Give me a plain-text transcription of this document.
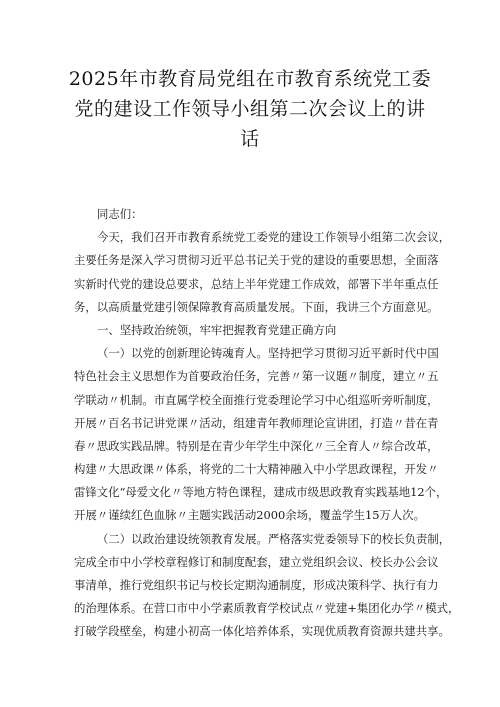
2025年市教育局党组在市教育系统党工委
党的建设工作领导小组第二次会议上的讲
话
同志们：
今天，我们召开市教育系统党工委党的建设工作领导小组第二次会议，
主要任务是深入学习贯彻习近平总书记关于党的建设的重要思想，全面落
实新时代党的建设总要求，总结上半年党建工作成效，部署下半年重点任
务，以高质量党建引领保障教育高质量发展。下面，我讲三个方面意见。
一、坚持政治统领，牢牢把握教育党建正确方向
（一）以党的创新理论铸魂育人。坚持把学习贯彻习近平新时代中国
特色社会主义思想作为首要政治任务，完善〃第一议题〃制度，建立〃五
学联动〃机制。市直属学校全面推行党委理论学习中心组巡听旁听制度，
开展〃百名书记讲党课〃活动，组建青年教师理论宣讲团，打造〃昔在青
春〃思政实践品牌。特别是在青少年学生中深化〃三全育人〃综合改革，
构建〃大思政课〃体系，将党的二十大精神融入中小学思政课程，开发〃
雷锋文化“母爱文化〃等地方特色课程，建成市级思政教育实践基地12个，
开展〃谨续红色血脉〃主题实践活动2000余场，覆盖学生15万人次。
（二）以政治建设统领教育发展。严格落实党委领导下的校长负责制，
完成全市中小学校章程修订和制度配套，建立党组织会议、校长办公会议
事清单，推行党组织书记与校长定期沟通制度，形成决策科学、执行有力
的治理体系。在营口市中小学素质教育学校试点〃党建+集团化办学〃模式，
打破学段壁垒，构建小初高一体化培养体系，实现优质教育资源共建共享。
